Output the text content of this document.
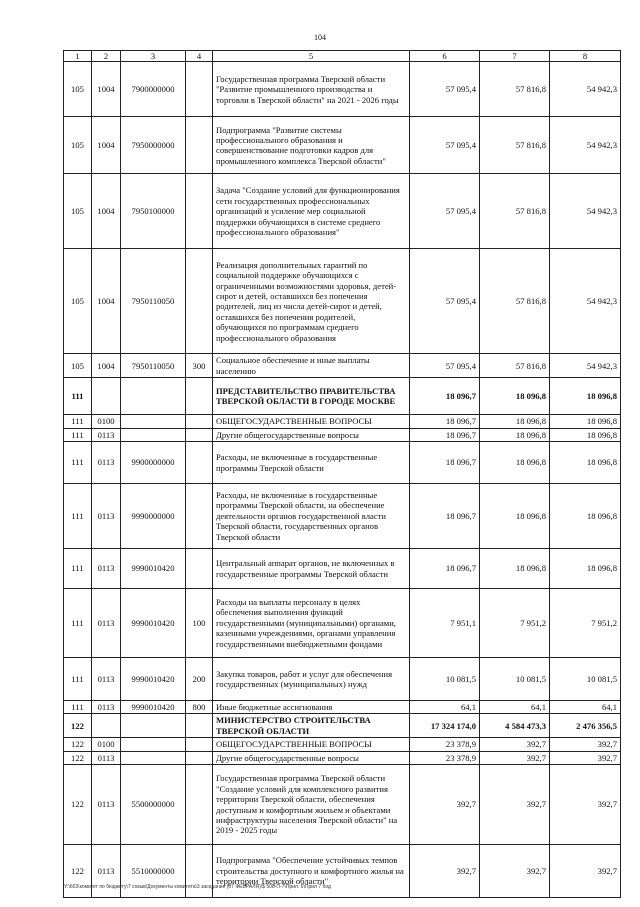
104
1	2	3	4	5	6	7	8
105	1004	7900000000		Государственная программа Тверской области "Развитие промышленного производства и торговли в Тверской области" на 2021 - 2026 годы	57 095,4	57 816,8	54 942,3
105	1004	7950000000		Подпрограмма "Развитие системы профессионального образования и совершенствование подготовки кадров для промышленного комплекса Тверской области"	57 095,4	57 816,8	54 942,3
105	1004	7950100000		Задача "Создание условий для функционирования сети государственных профессиональных организаций и усиление мер социальной поддержки обучающихся в системе среднего профессионального образования"	57 095,4	57 816,8	54 942,3
105	1004	7950110050		Реализация дополнительных гарантий по социальной поддержке обучающихся с ограниченными возможностями здоровья, детей-сирот и детей, оставшихся без попечения родителей, лиц из числа детей-сирот и детей, оставшихся без попечения родителей, обучающихся по программам среднего профессионального образования	57 095,4	57 816,8	54 942,3
105	1004	7950110050	300	Социальное обеспечение и иные выплаты населению	57 095,4	57 816,8	54 942,3
111				ПРЕДСТАВИТЕЛЬСТВО ПРАВИТЕЛЬСТВА ТВЕРСКОЙ ОБЛАСТИ В ГОРОДЕ МОСКВЕ	18 096,7	18 096,8	18 096,8
111	0100			ОБЩЕГОСУДАРСТВЕННЫЕ ВОПРОСЫ	18 096,7	18 096,8	18 096,8
111	0113			Другие общегосударственные вопросы	18 096,7	18 096,8	18 096,8
111	0113	9900000000		Расходы, не включенные в государственные программы Тверской области	18 096,7	18 096,8	18 096,8
111	0113	9990000000		Расходы, не включенные в государственные программы Тверской области, на обеспечение деятельности органов государственной власти Тверской области, государственных органов Тверской области	18 096,7	18 096,8	18 096,8
111	0113	9990010420		Центральный аппарат органов, не включенных в государственные программы Тверской области	18 096,7	18 096,8	18 096,8
111	0113	9990010420	100	Расходы на выплаты персоналу в целях обеспечения выполнения функций государственными (муниципальными) органами, казенными учреждениями, органами управления государственными внебюджетными фондами	7 951,1	7 951,2	7 951,2
111	0113	9990010420	200	Закупка товаров, работ и услуг для обеспечения государственных (муниципальных) нужд	10 081,5	10 081,5	10 081,5
111	0113	9990010420	800	Иные бюджетные ассигнования	64,1	64,1	64,1
122				МИНИСТЕРСТВО СТРОИТЕЛЬСТВА ТВЕРСКОЙ ОБЛАСТИ	17 324 174,0	4 584 473,3	2 476 356,5
122	0100			ОБЩЕГОСУДАРСТВЕННЫЕ ВОПРОСЫ	23 378,9	392,7	392,7
122	0113			Другие общегосударственные вопросы	23 378,9	392,7	392,7
122	0113	5500000000		Государственная программа Тверской области "Создание условий для комплексного развития территории Тверской области, обеспечения доступным и комфортным жильем и объектами инфраструктуры населения Тверской области" на 2019 - 2025 годы	392,7	392,7	392,7
122	0113	5510000000		Подпрограмма "Обеспечение устойчивых темпов строительства доступного и комфортного жилья на территории Тверской области"	392,7	392,7	392,7
Y:\603\комитет по бюджету\7 созыв\Документы комитета\3 заседание (07 ФЕВРАЛЯ)\$ 508-П-7\Прил. 6\Прил 7 бод
